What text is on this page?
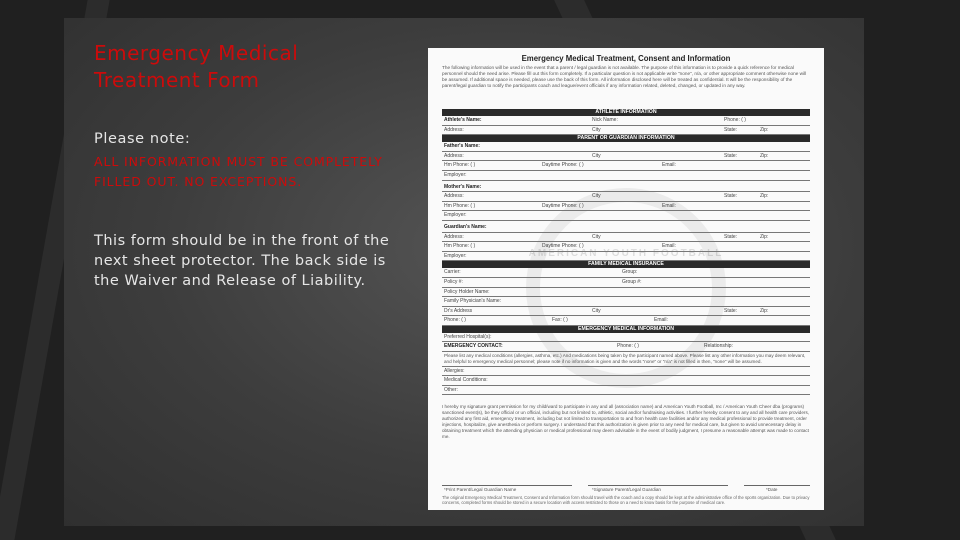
Emergency Medical
Treatment Form
Please note:
ALL INFORMATION MUST BE COMPLETELY FILLED OUT. NO EXCEPTIONS.
This form should be in the front of the next sheet protector. The back side is the Waiver and Release of Liability.
AMERICAN YOUTH FOOTBALL
Emergency Medical Treatment, Consent and Information
The following information will be used in the event that a parent / legal guardian is not available. The purpose of this information is to provide a quick reference for medical personnel should the need arise. Please fill out this form completely. If a particular question is not applicable write "none", n/a, or other appropriate comment otherwise none will be assumed. If additional space is needed, please use the back of this form. All information disclosed here will be treated as confidential. It will be the responsibility of the parent/legal guardian to notify the participants coach and league/event officials if any information related, deleted, changed, or updated in any way.
ATHLETE INFORMATION
Athlete's Name:	Nick Name:	Phone: ( )
Address:	City	State:	Zip:
PARENT OR GUARDIAN INFORMATION
Father's Name:
Address:	City	State:	Zip:
Hm Phone: ( )	Daytime Phone: ( )	Email:
Employer:
Mother's Name:
Address:	City	State:	Zip:
Hm Phone: ( )	Daytime Phone: ( )	Email:
Employer:
Guardian's Name:
Address:	City	State:	Zip:
Hm Phone: ( )	Daytime Phone: ( )	Email:
Employer:
FAMILY MEDICAL INSURANCE
Carrier:	Group:
Policy #:	Group #:
Policy Holder Name:
Family Physician's Name:
Dr's Address	City	State:	Zip:
Phone: ( )	Fax: ( )	Email:
EMERGENCY MEDICAL INFORMATION
Preferred Hospital(s):
EMERGENCY CONTACT:	Phone: ( )	Relationship:
Please list any medical conditions (allergies, asthma, etc.) And medications being taken by the participant named above. Please list any other information you may deem relevant, and helpful to emergency medical personnel; please note if no information is given and the words "none" or "n/a" is not filled in then, "none" will be assumed.
Allergies:
Medical Conditions:
Other:
I hereby my signature grant permission for my child/ward to participate in any and all (association name) and American Youth Football, Inc / American Youth Cheer dba (programs) sanctioned event(s), be they official or un official, including but not limited to, athletic, social and/or fundraising activities. I further hereby consent to any and all health care providers, authorized any first aid, emergency treatment, including but not limited to transportation to and from health care facilities and/or any medical professional to provide treatment, order injections, hospitalize, give anesthesia or perform surgery. I understand that this authorization is given prior to any need for medical care, but given to avoid unnecessary delay in obtaining treatment which the attending physician or medical professional may deem advisable in the event of bodily judgment, I presume a reasonable attempt was made to contact me.
*Print Parent/Legal Guardian Name	*Signature Parent/Legal Guardian	*Date
The original Emergency Medical Treatment, Consent and Information form should travel with the coach and a copy should be kept at the administrative office of the sports organization. Due to privacy concerns, completed forms should be stored in a secure location with access restricted to those on a need to know basis for the purpose of medical care.
